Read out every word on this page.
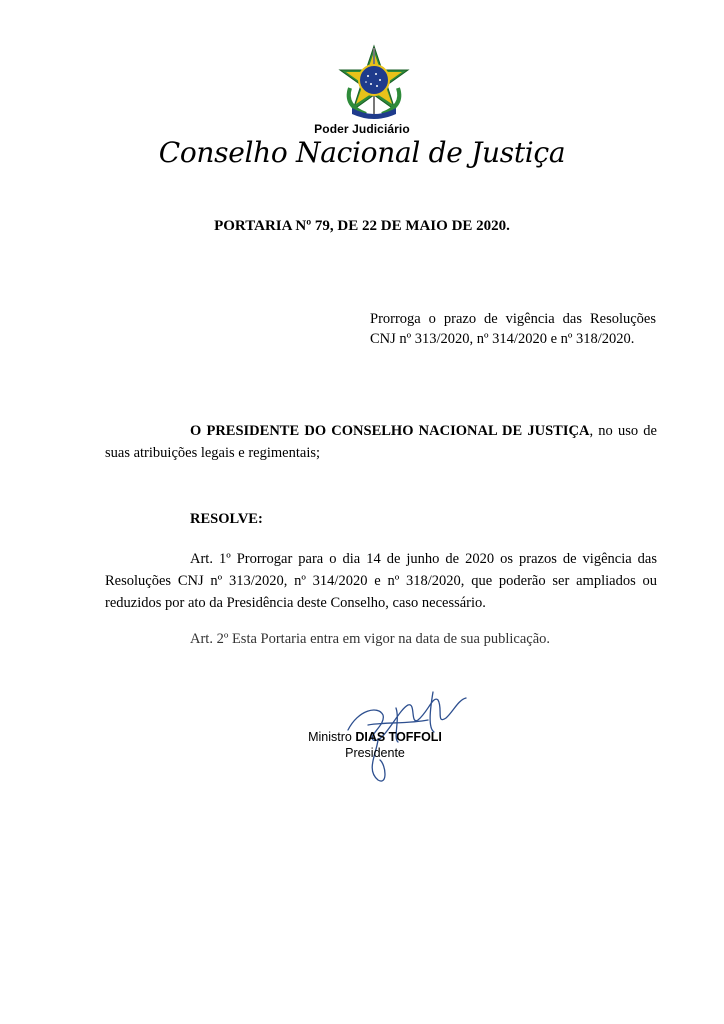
Poder Judiciário
Conselho Nacional de Justiça
PORTARIA Nº 79, DE 22 DE MAIO DE 2020.
Prorroga o prazo de vigência das Resoluções CNJ nº 313/2020, nº 314/2020 e nº 318/2020.
O PRESIDENTE DO CONSELHO NACIONAL DE JUSTIÇA, no uso de suas atribuições legais e regimentais;
RESOLVE:
Art. 1º Prorrogar para o dia 14 de junho de 2020 os prazos de vigência das Resoluções CNJ nº 313/2020, nº 314/2020 e nº 318/2020, que poderão ser ampliados ou reduzidos por ato da Presidência deste Conselho, caso necessário.
Art. 2º Esta Portaria entra em vigor na data de sua publicação.
Ministro DIAS TOFFOLI
Presidente
